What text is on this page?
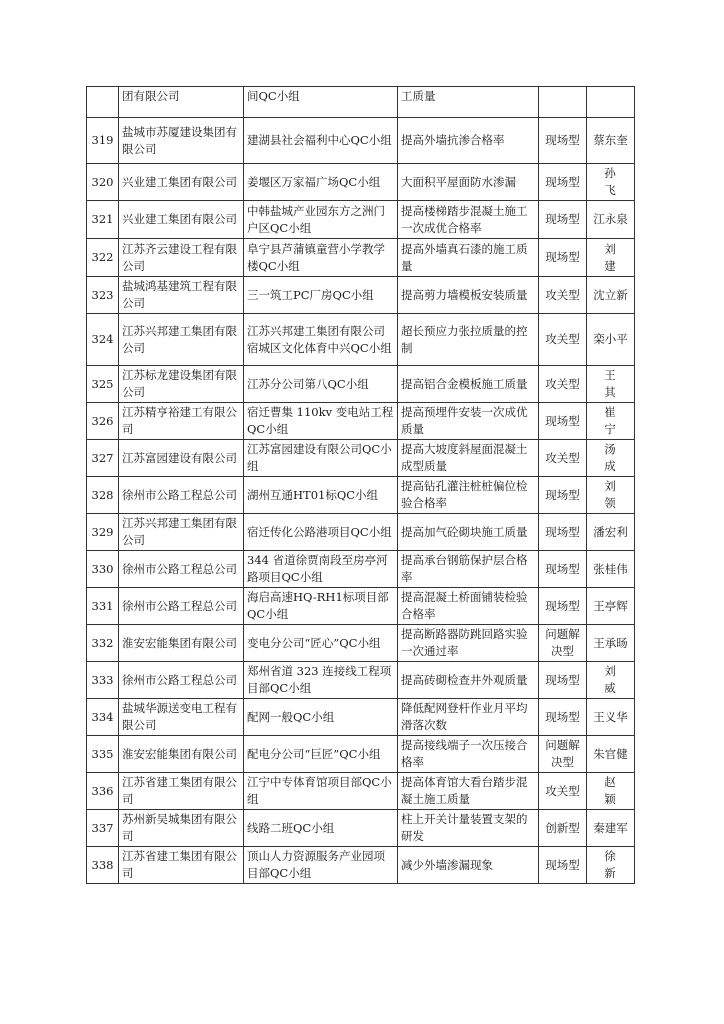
	团有限公司	间QC小组	工质量		
319	盐城市苏厦建设集团有限公司	建湖县社会福利中心QC小组	提高外墙抗渗合格率	现场型	蔡东奎
320	兴业建工集团有限公司	姜堰区万家福广场QC小组	大面积平屋面防水渗漏	现场型	孙飞
321	兴业建工集团有限公司	中韩盐城产业园东方之洲门户区QC小组	提高楼梯踏步混凝土施工一次成优合格率	现场型	江永泉
322	江苏齐云建设工程有限公司	阜宁县芦蒲镇童营小学教学楼QC小组	提高外墙真石漆的施工质量	现场型	刘建
323	盐城鸿基建筑工程有限公司	三一筑工PC厂房QC小组	提高剪力墙模板安装质量	攻关型	沈立新
324	江苏兴邦建工集团有限公司	江苏兴邦建工集团有限公司宿城区文化体育中兴QC小组	超长预应力张拉质量的控制	攻关型	栾小平
325	江苏标龙建设集团有限公司	江苏分公司第八QC小组	提高铝合金模板施工质量	攻关型	王其
326	江苏精亨裕建工有限公司	宿迁曹集 110kv 变电站工程QC小组	提高预埋件安装一次成优质量	现场型	崔宁
327	江苏富园建设有限公司	江苏富园建设有限公司QC小组	提高大坡度斜屋面混凝土成型质量	攻关型	汤成
328	徐州市公路工程总公司	湖州互通HT01标QC小组	提高钻孔灌注桩桩偏位检验合格率	现场型	刘领
329	江苏兴邦建工集团有限公司	宿迁传化公路港项目QC小组	提高加气砼砌块施工质量	现场型	潘宏利
330	徐州市公路工程总公司	344 省道徐贾南段至房亭河路项目QC小组	提高承台钢筋保护层合格率	现场型	张桂伟
331	徐州市公路工程总公司	海启高速HQ-RH1标项目部QC小组	提高混凝土桥面铺装检验合格率	现场型	王亭辉
332	淮安宏能集团有限公司	变电分公司“匠心”QC小组	提高断路器防跳回路实验一次通过率	问题解决型	王承旸
333	徐州市公路工程总公司	郑州省道 323 连接线工程项目部QC小组	提高砖砌检查井外观质量	现场型	刘威
334	盐城华源送变电工程有限公司	配网一般QC小组	降低配网登杆作业月平均滑落次数	现场型	王义华
335	淮安宏能集团有限公司	配电分公司“巨匠”QC小组	提高接线端子一次压接合格率	问题解决型	朱官健
336	江苏省建工集团有限公司	江宁中专体育馆项目部QC小组	提高体育馆大看台踏步混凝土施工质量	攻关型	赵颖
337	苏州新吴城集团有限公司	线路二班QC小组	柱上开关计量装置支架的研发	创新型	秦建军
338	江苏省建工集团有限公司	顶山人力资源服务产业园项目部QC小组	减少外墙渗漏现象	现场型	徐新
